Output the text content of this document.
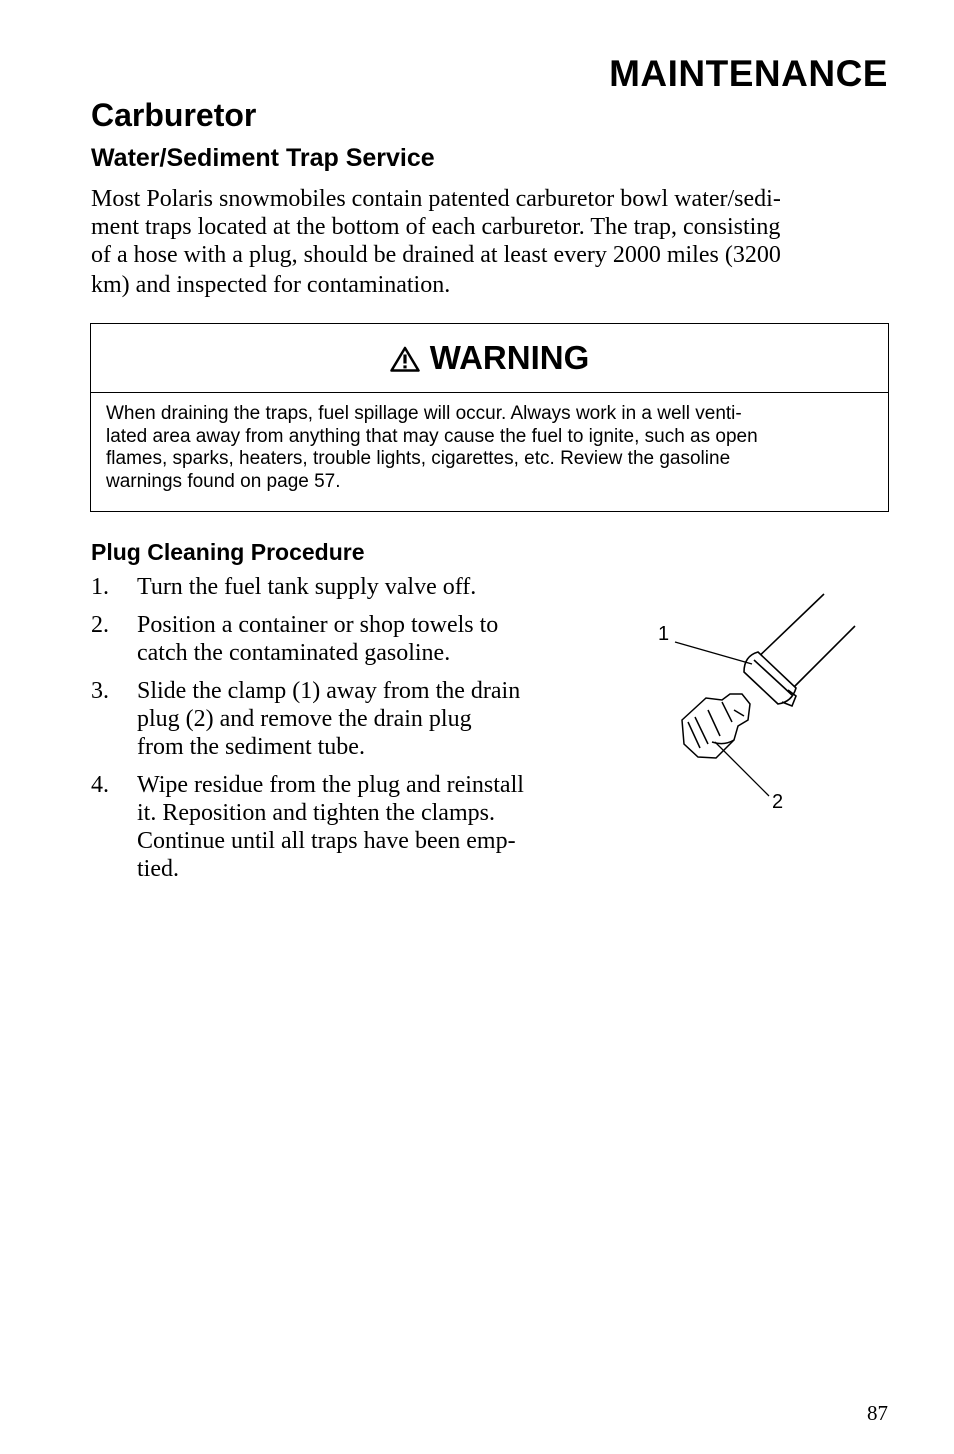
MAINTENANCE
Carburetor
Water/Sediment Trap Service

Most Polaris snowmobiles contain patented carburetor bowl water/sedi-
ment traps located at the bottom of each carburetor. The trap, consisting
of a hose with a plug, should be drained at least every 2000 miles (3200
km) and inspected for contamination.

WARNING
When draining the traps, fuel spillage will occur. Always work in a well venti-
lated area away from anything that may cause the fuel to ignite, such as open
flames, sparks, heaters, trouble lights, cigarettes, etc. Review the gasoline
warnings found on page 57.
Plug Cleaning Procedure
1. Turn the fuel tank supply valve off.
2. Position a container or shop towels to
catch the contaminated gasoline.
3. Slide the clamp (1) away from the drain
plug (2) and remove the drain plug
from the sediment tube.
4. Wipe residue from the plug and reinstall
it. Reposition and tighten the clamps.
Continue until all traps have been emp-
tied.
1
2
87
